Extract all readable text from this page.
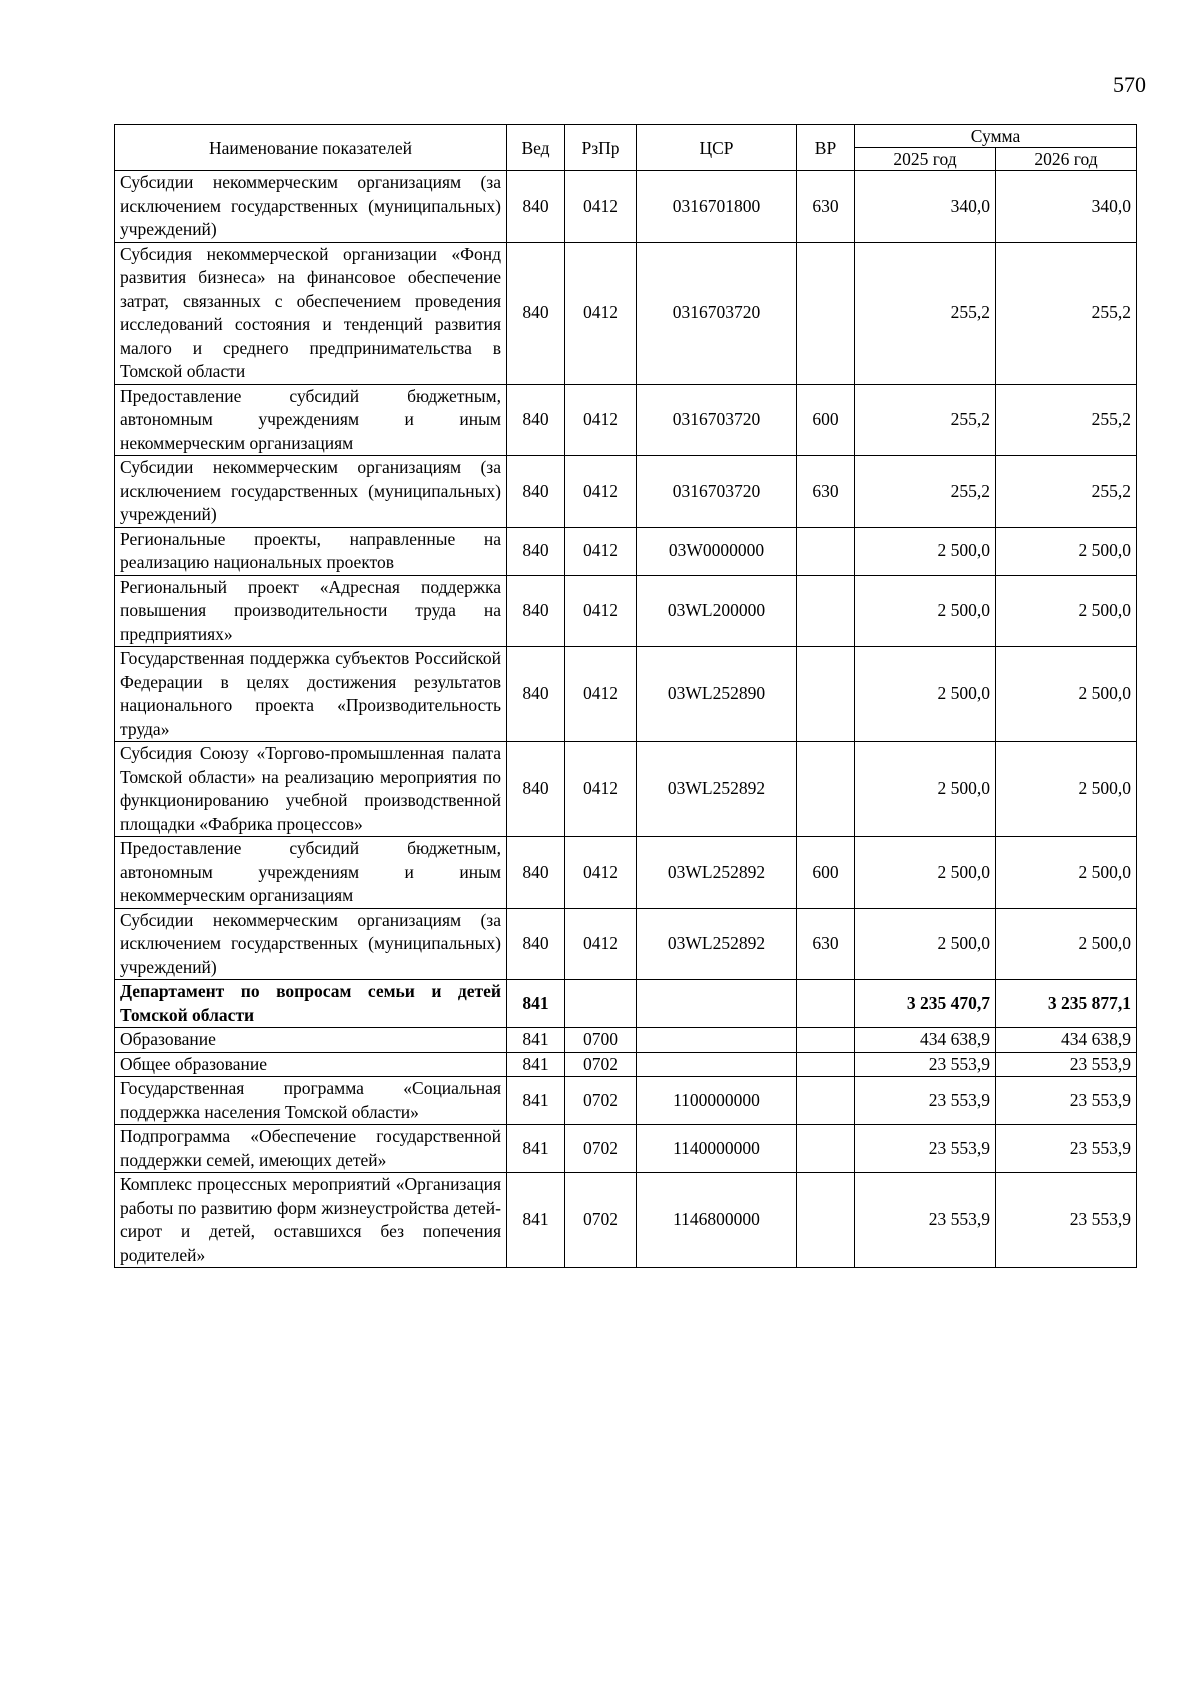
570
Наименование показателей	Вед	РзПр	ЦСР	ВР	Сумма	
					2025 год	2026 год
Субсидии некоммерческим организациям (за исключением государственных (муниципальных) учреждений)	840	0412	0316701800	630	340,0	340,0
Субсидия некоммерческой организации «Фонд развития бизнеса» на финансовое обеспечение затрат, связанных с обеспечением проведения исследований состояния и тенденций развития малого и среднего предпринимательства в Томской области	840	0412	0316703720		255,2	255,2
Предоставление субсидий бюджетным, автономным учреждениям и иным некоммерческим организациям	840	0412	0316703720	600	255,2	255,2
Субсидии некоммерческим организациям (за исключением государственных (муниципальных) учреждений)	840	0412	0316703720	630	255,2	255,2
Региональные проекты, направленные на реализацию национальных проектов	840	0412	03W0000000		2 500,0	2 500,0
Региональный проект «Адресная поддержка повышения производительности труда на предприятиях»	840	0412	03WL200000		2 500,0	2 500,0
Государственная поддержка субъектов Российской Федерации в целях достижения результатов национального проекта «Производительность труда»	840	0412	03WL252890		2 500,0	2 500,0
Субсидия Союзу «Торгово-промышленная палата Томской области» на реализацию мероприятия по функционированию учебной производственной площадки «Фабрика процессов»	840	0412	03WL252892		2 500,0	2 500,0
Предоставление субсидий бюджетным, автономным учреждениям и иным некоммерческим организациям	840	0412	03WL252892	600	2 500,0	2 500,0
Субсидии некоммерческим организациям (за исключением государственных (муниципальных) учреждений)	840	0412	03WL252892	630	2 500,0	2 500,0
Департамент по вопросам семьи и детей Томской области	841				3 235 470,7	3 235 877,1
Образование	841	0700			434 638,9	434 638,9
Общее образование	841	0702			23 553,9	23 553,9
Государственная программа «Социальная поддержка населения Томской области»	841	0702	1100000000		23 553,9	23 553,9
Подпрограмма «Обеспечение государственной поддержки семей, имеющих детей»	841	0702	1140000000		23 553,9	23 553,9
Комплекс процессных мероприятий «Организация работы по развитию форм жизнеустройства детей-сирот и детей, оставшихся без попечения родителей»	841	0702	1146800000		23 553,9	23 553,9
